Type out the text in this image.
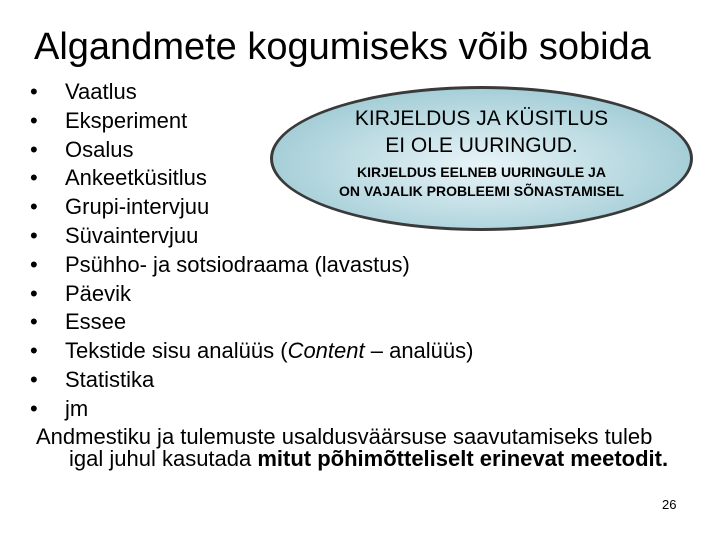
Algandmete kogumiseks võib sobida
• Vaatlus
• Eksperiment
• Osalus
• Ankeetküsitlus
• Grupi-intervjuu
• Süvaintervjuu
• Psühho- ja sotsiodraama (lavastus)
• Päevik
• Essee
• Tekstide sisu analüüs (Content – analüüs)
• Statistika
• jm
Andmestiku ja tulemuste usaldusväärsuse saavutamiseks tuleb
igal juhul kasutada mitut põhimõtteliselt erinevat meetodit.
KIRJELDUS JA KÜSITLUS
EI OLE UURINGUD.
KIRJELDUS EELNEB UURINGULE JA
ON VAJALIK PROBLEEMI SÕNASTAMISEL
26
